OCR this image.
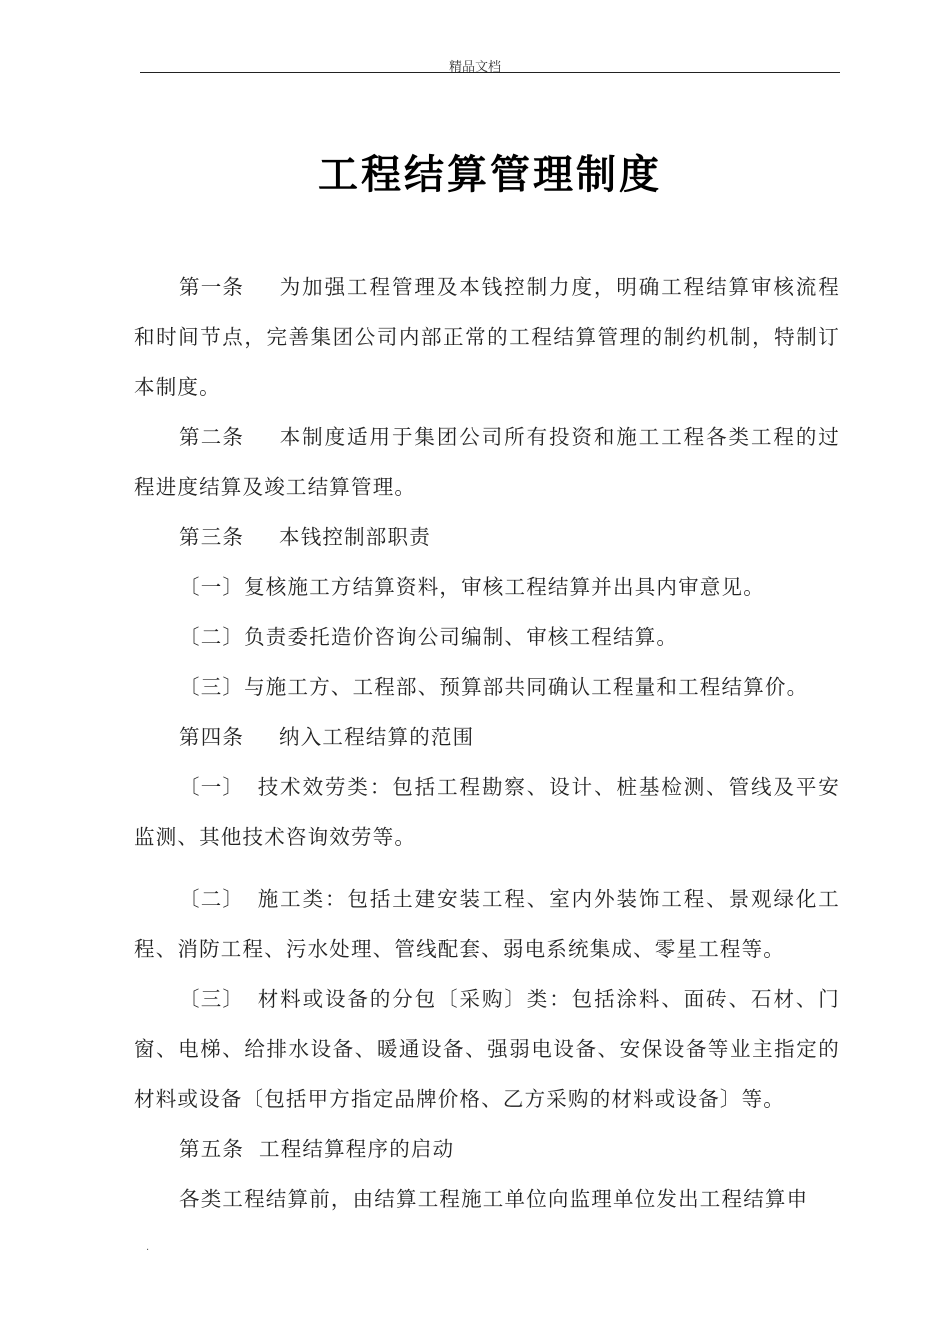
精品文档
工程结算管理制度

第一条 为加强工程管理及本钱控制力度，明确工程结算审核流程和时间节点，完善集团公司内部正常的工程结算管理的制约机制，特制订本制度。

第二条 本制度适用于集团公司所有投资和施工工程各类工程的过程进度结算及竣工结算管理。

第三条 本钱控制部职责

〔一〕复核施工方结算资料，审核工程结算并出具内审意见。

〔二〕负责委托造价咨询公司编制、审核工程结算。

〔三〕与施工方、工程部、预算部共同确认工程量和工程结算价。

第四条 纳入工程结算的范围

〔一〕 技术效劳类：包括工程勘察、设计、桩基检测、管线及平安监测、其他技术咨询效劳等。

〔二〕 施工类：包括土建安装工程、室内外装饰工程、景观绿化工程、消防工程、污水处理、管线配套、弱电系统集成、零星工程等。

〔三〕 材料或设备的分包〔采购〕类：包括涂料、面砖、石材、门窗、电梯、给排水设备、暖通设备、强弱电设备、安保设备等业主指定的材料或设备〔包括甲方指定品牌价格、乙方采购的材料或设备〕等。

第五条 工程结算程序的启动

各类工程结算前，由结算工程施工单位向监理单位发出工程结算申

.
